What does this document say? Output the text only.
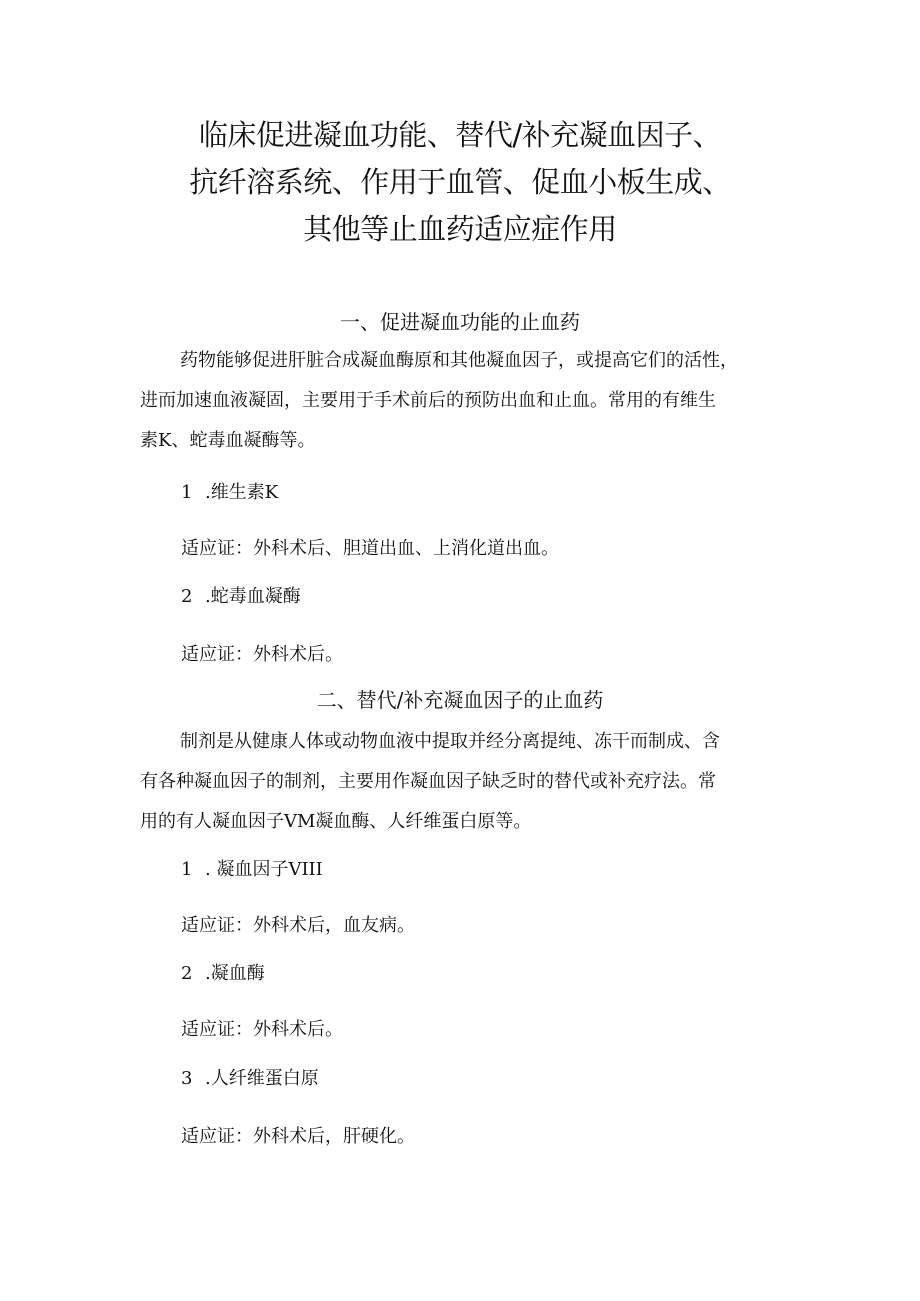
临床促进凝血功能、替代/补充凝血因子、
抗纤溶系统、作用于血管、促血小板生成、
其他等止血药适应症作用
一、促进凝血功能的止血药
药物能够促进肝脏合成凝血酶原和其他凝血因子，或提高它们的活性，
进而加速血液凝固，主要用于手术前后的预防出血和止血。常用的有维生
素K、蛇毒血凝酶等。
1 .维生素K
适应证：外科术后、胆道出血、上消化道出血。
2 .蛇毒血凝酶
适应证：外科术后。
二、替代/补充凝血因子的止血药
制剂是从健康人体或动物血液中提取并经分离提纯、冻干而制成、含
有各种凝血因子的制剂，主要用作凝血因子缺乏时的替代或补充疗法。常
用的有人凝血因子VM凝血酶、人纤维蛋白原等。
1 . 凝血因子VIII
适应证：外科术后，血友病。
2 .凝血酶
适应证：外科术后。
3 .人纤维蛋白原
适应证：外科术后，肝硬化。
